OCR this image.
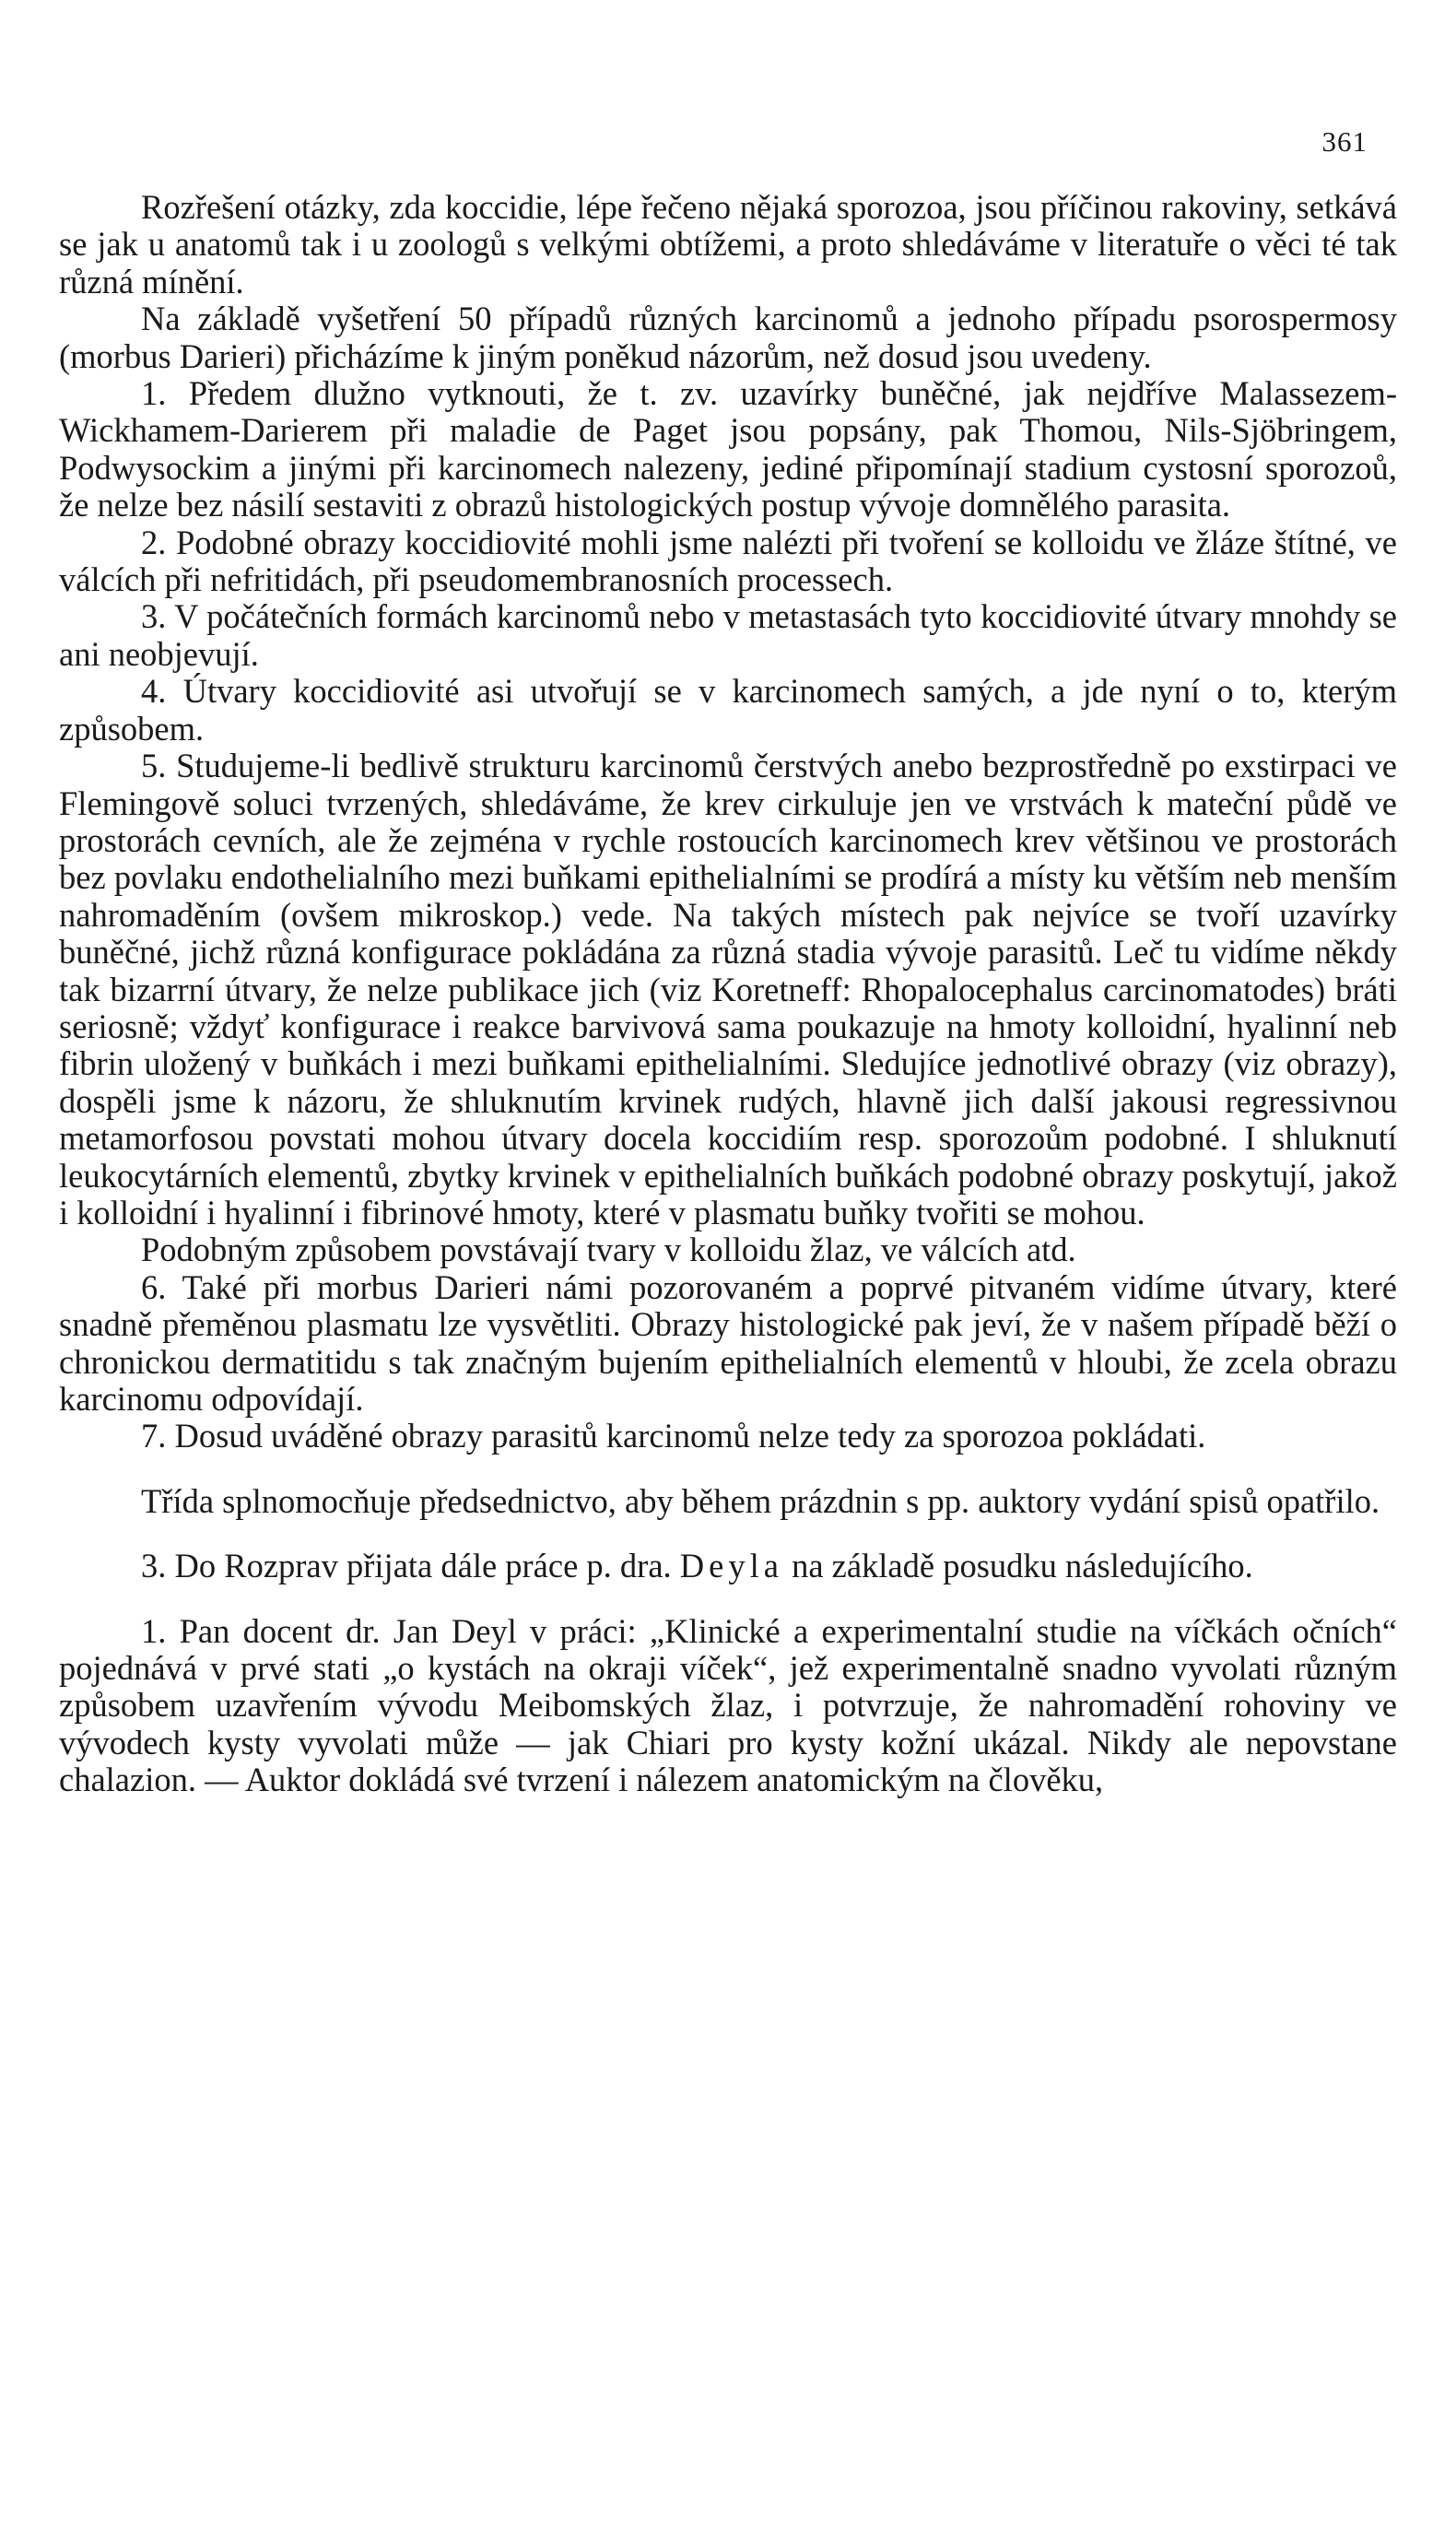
361

Rozřešení otázky, zda koccidie, lépe řečeno nějaká sporozoa, jsou příčinou rakoviny, setkává se jak u anatomů tak i u zoologů s velkými obtížemi, a proto shledáváme v literatuře o věci té tak různá mínění.

Na základě vyšetření 50 případů různých karcinomů a jednoho případu psorospermosy (morbus Darieri) přicházíme k jiným poněkud názorům, než dosud jsou uvedeny.

1. Předem dlužno vytknouti, že t. zv. uzavírky buněčné, jak nejdříve Malassezem-Wickhamem-Darierem při maladie de Paget jsou popsány, pak Thomou, Nils-Sjöbringem, Podwysockim a jinými při karcinomech nalezeny, jediné připomínají stadium cystosní sporozoů, že nelze bez násilí sestaviti z obrazů histologických postup vývoje domnělého parasita.

2. Podobné obrazy koccidiovité mohli jsme nalézti při tvoření se kolloidu ve žláze štítné, ve válcích při nefritidách, při pseudomembranosních processech.

3. V počátečních formách karcinomů nebo v metastasách tyto koccidiovité útvary mnohdy se ani neobjevují.

4. Útvary koccidiovité asi utvořují se v karcinomech samých, a jde nyní o to, kterým způsobem.

5. Studujeme-li bedlivě strukturu karcinomů čerstvých anebo bezprostředně po exstirpaci ve Flemingově soluci tvrzených, shledáváme, že krev cirkuluje jen ve vrstvách k mateční půdě ve prostorách cevních, ale že zejména v rychle rostoucích karcinomech krev většinou ve prostorách bez povlaku endothelialního mezi buňkami epithelialními se prodírá a místy ku větším neb menším nahromaděním (ovšem mikroskop.) vede. Na takých místech pak nejvíce se tvoří uzavírky buněčné, jichž různá konfigurace pokládána za různá stadia vývoje parasitů. Leč tu vidíme někdy tak bizarrní útvary, že nelze publikace jich (viz Koretneff: Rhopalocephalus carcinomatodes) bráti seriosně; vždyť konfigurace i reakce barvivová sama poukazuje na hmoty kolloidní, hyalinní neb fibrin uložený v buňkách i mezi buňkami epithelialními. Sledujíce jednotlivé obrazy (viz obrazy), dospěli jsme k názoru, že shluknutím krvinek rudých, hlavně jich další jakousi regressivnou metamorfosou povstati mohou útvary docela koccidiím resp. sporozoům podobné. I shluknutí leukocytárních elementů, zbytky krvinek v epithelialních buňkách podobné obrazy poskytují, jakož i kolloidní i hyalinní i fibrinové hmoty, které v plasmatu buňky tvořiti se mohou.

Podobným způsobem povstávají tvary v kolloidu žlaz, ve válcích atd.

6. Také při morbus Darieri námi pozorovaném a poprvé pitvaném vidíme útvary, které snadně přeměnou plasmatu lze vysvětliti. Obrazy histologické pak jeví, že v našem případě běží o chronickou dermatitidu s tak značným bujením epithelialních elementů v hloubi, že zcela obrazu karcinomu odpovídají.

7. Dosud uváděné obrazy parasitů karcinomů nelze tedy za sporozoa pokládati.

Třída splnomocňuje předsednictvo, aby během prázdnin s pp. auktory vydání spisů opatřilo.

3. Do Rozprav přijata dále práce p. dra. Deyla na základě posudku následujícího.

1. Pan docent dr. Jan Deyl v práci: „Klinické a experimentalní studie na víčkách očních“ pojednává v prvé stati „o kystách na okraji víček“, jež experimentalně snadno vyvolati různým způsobem uzavřením vývodu Meibomských žlaz, i potvrzuje, že nahromadění rohoviny ve vývodech kysty vyvolati může — jak Chiari pro kysty kožní ukázal. Nikdy ale nepovstane chalazion. — Auktor dokládá své tvrzení i nálezem anatomickým na člověku,
